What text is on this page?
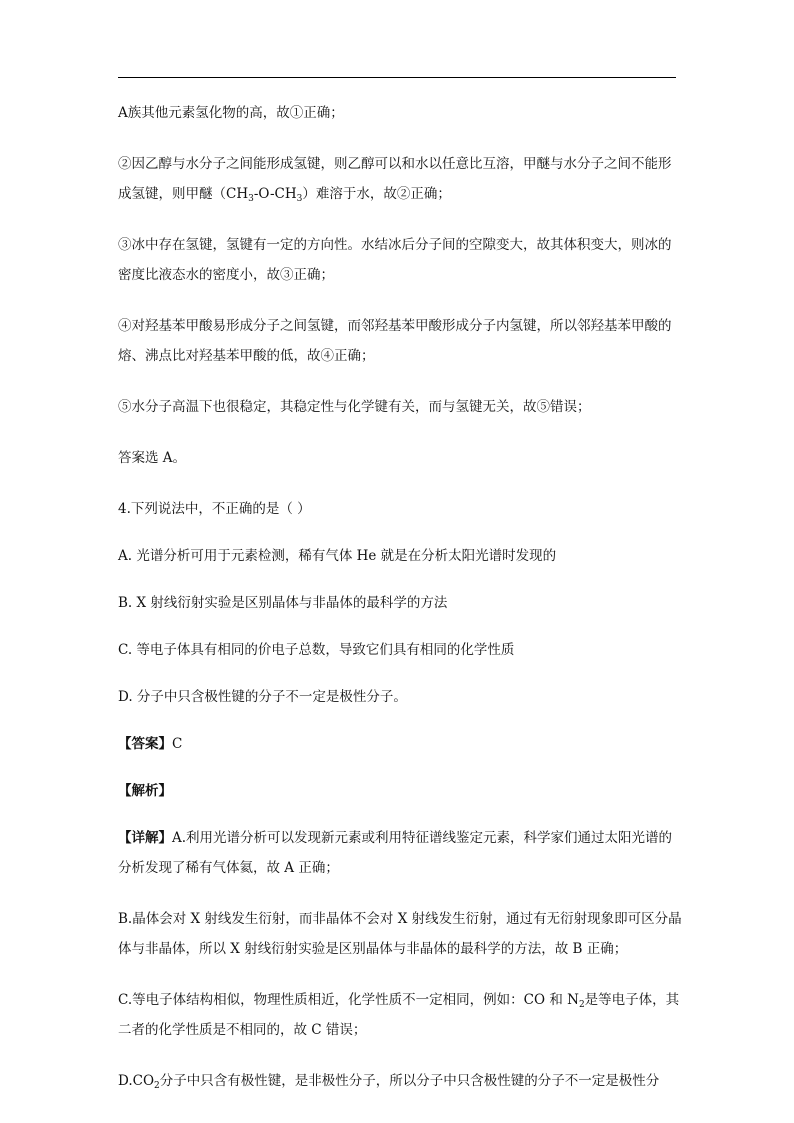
A族其他元素氢化物的高，故①正确；

②因乙醇与水分子之间能形成氢键，则乙醇可以和水以任意比互溶，甲醚与水分子之间不能形成氢键，则甲醚$(CH_3-O-CH_3)$难溶于水，故②正确；

③冰中存在氢键，氢键有一定的方向性。水结冰后分子间的空隙变大，故其体积变大，则冰的密度比液态水的密度小，故③正确；

④对羟基苯甲酸易形成分子之间氢键，而邻羟基苯甲酸形成分子内氢键，所以邻羟基苯甲酸的熔、沸点比对羟基苯甲酸的低，故④正确；

⑤水分子高温下也很稳定，其稳定性与化学键有关，而与氢键无关，故⑤错误；

答案选 A。

4.下列说法中，不正确的是（ ）

A. 光谱分析可用于元素检测，稀有气体 He 就是在分析太阳光谱时发现的

B. X 射线衍射实验是区别晶体与非晶体的最科学的方法

C. 等电子体具有相同的价电子总数，导致它们具有相同的化学性质

D. 分子中只含极性键的分子不一定是极性分子。

【答案】C

【解析】

【详解】A.利用光谱分析可以发现新元素或利用特征谱线鉴定元素，科学家们通过太阳光谱的分析发现了稀有气体氦，故 A 正确；

B.晶体会对 X 射线发生衍射，而非晶体不会对 X 射线发生衍射，通过有无衍射现象即可区分晶体与非晶体，所以 X 射线衍射实验是区别晶体与非晶体的最科学的方法，故 B 正确；

C.等电子体结构相似，物理性质相近，化学性质不一定相同，例如：CO 和 $N_2$是等电子体，其二者的化学性质是不相同的，故 C 错误；

$D.CO_2$分子中只含有极性键，是非极性分子，所以分子中只含极性键的分子不一定是极性分
